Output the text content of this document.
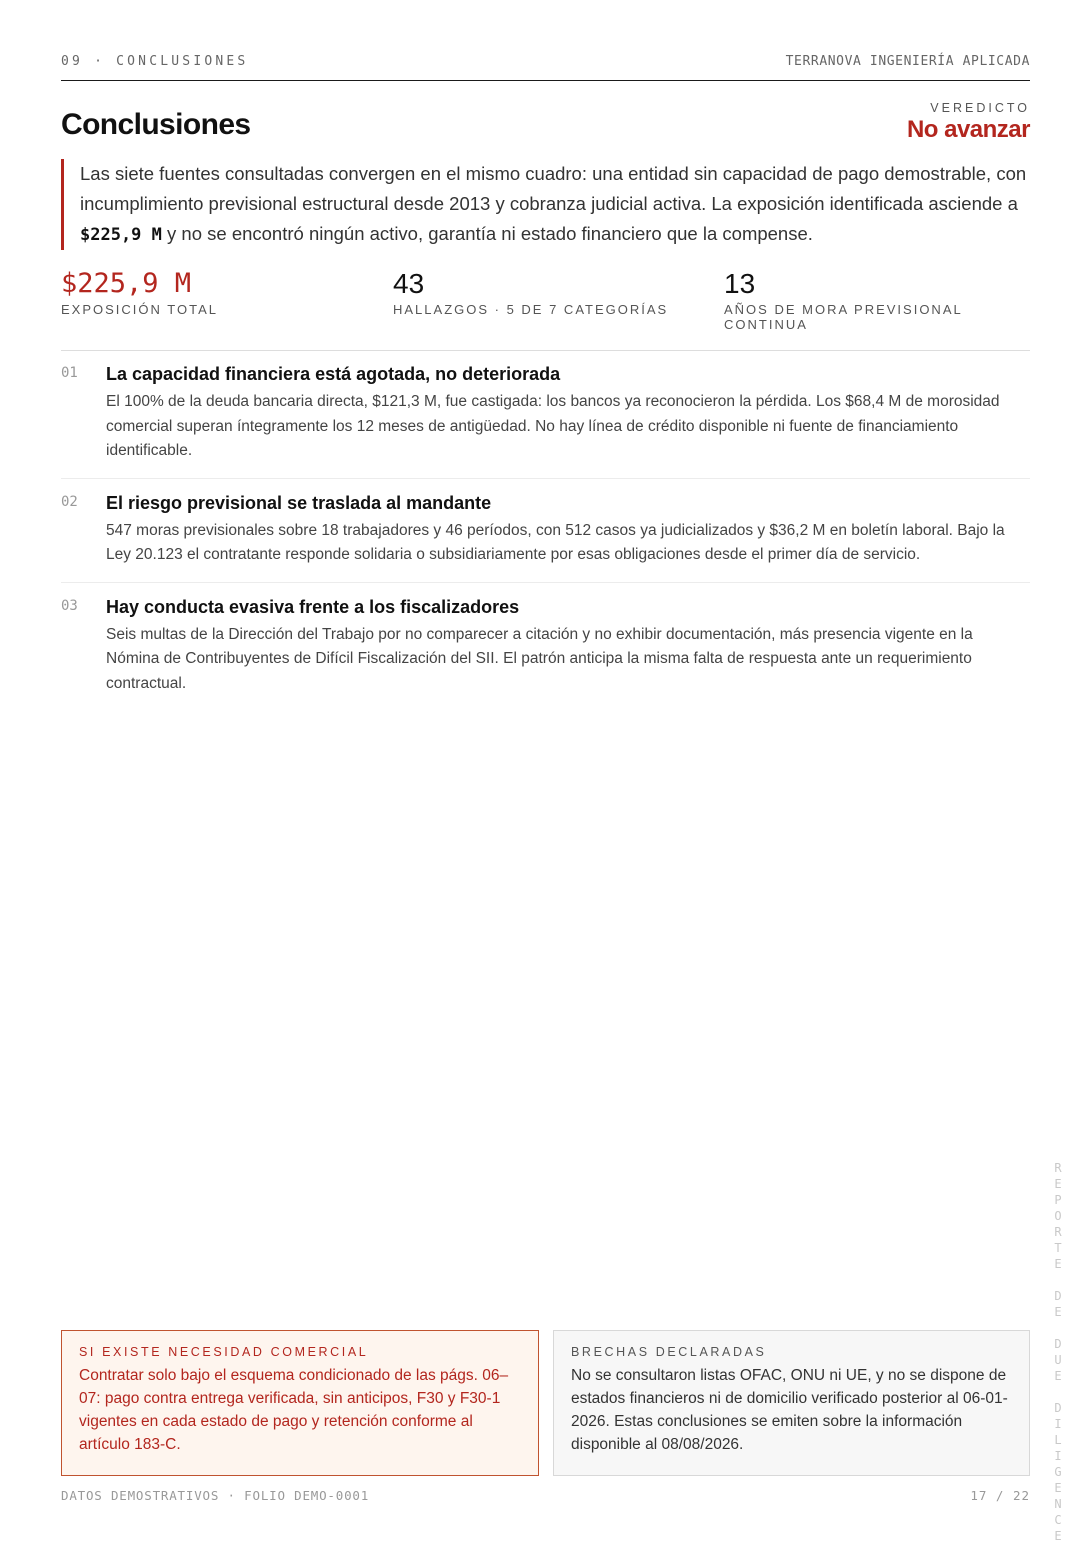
09 · CONCLUSIONES	TERRANOVA INGENIERÍA APLICADA
Conclusiones	VEREDICTO
No avanzar

Las siete fuentes consultadas convergen en el mismo cuadro: una entidad sin capacidad de pago demostrable, con incumplimiento previsional estructural desde 2013 y cobranza judicial activa. La exposición identificada asciende a $225,9 M y no se encontró ningún activo, garantía ni estado financiero que la compense.

$225,9 M
EXPOSICIÓN TOTAL
43
HALLAZGOS · 5 DE 7 CATEGORÍAS
13
AÑOS DE MORA PREVISIONAL CONTINUA
01 La capacidad financiera está agotada, no deteriorada

El 100% de la deuda bancaria directa, $121,3 M, fue castigada: los bancos ya reconocieron la pérdida. Los $68,4 M de morosidad comercial superan íntegramente los 12 meses de antigüedad. No hay línea de crédito disponible ni fuente de financiamiento identificable.

02 El riesgo previsional se traslada al mandante

547 moras previsionales sobre 18 trabajadores y 46 períodos, con 512 casos ya judicializados y $36,2 M en boletín laboral. Bajo la Ley 20.123 el contratante responde solidaria o subsidiariamente por esas obligaciones desde el primer día de servicio.

03 Hay conducta evasiva frente a los fiscalizadores

Seis multas de la Dirección del Trabajo por no comparecer a citación y no exhibir documentación, más presencia vigente en la Nómina de Contribuyentes de Difícil Fiscalización del SII. El patrón anticipa la misma falta de respuesta ante un requerimiento contractual.

SI EXISTE NECESIDAD COMERCIAL
Contratar solo bajo el esquema condicionado de las págs. 06–07: pago contra entrega verificada, sin anticipos, F30 y F30-1 vigentes en cada estado de pago y retención conforme al artículo 183-C.
BRECHAS DECLARADAS
No se consultaron listas OFAC, ONU ni UE, y no se dispone de estados financieros ni de domicilio verificado posterior al 06-01-2026. Estas conclusiones se emiten sobre la información disponible al 08/08/2026.
R
E
P
O
R
T
E

D
E

D
U
E

D
I
L
I
G
E
N
C
E
DATOS DEMOSTRATIVOS · FOLIO DEMO-0001	17 / 22
